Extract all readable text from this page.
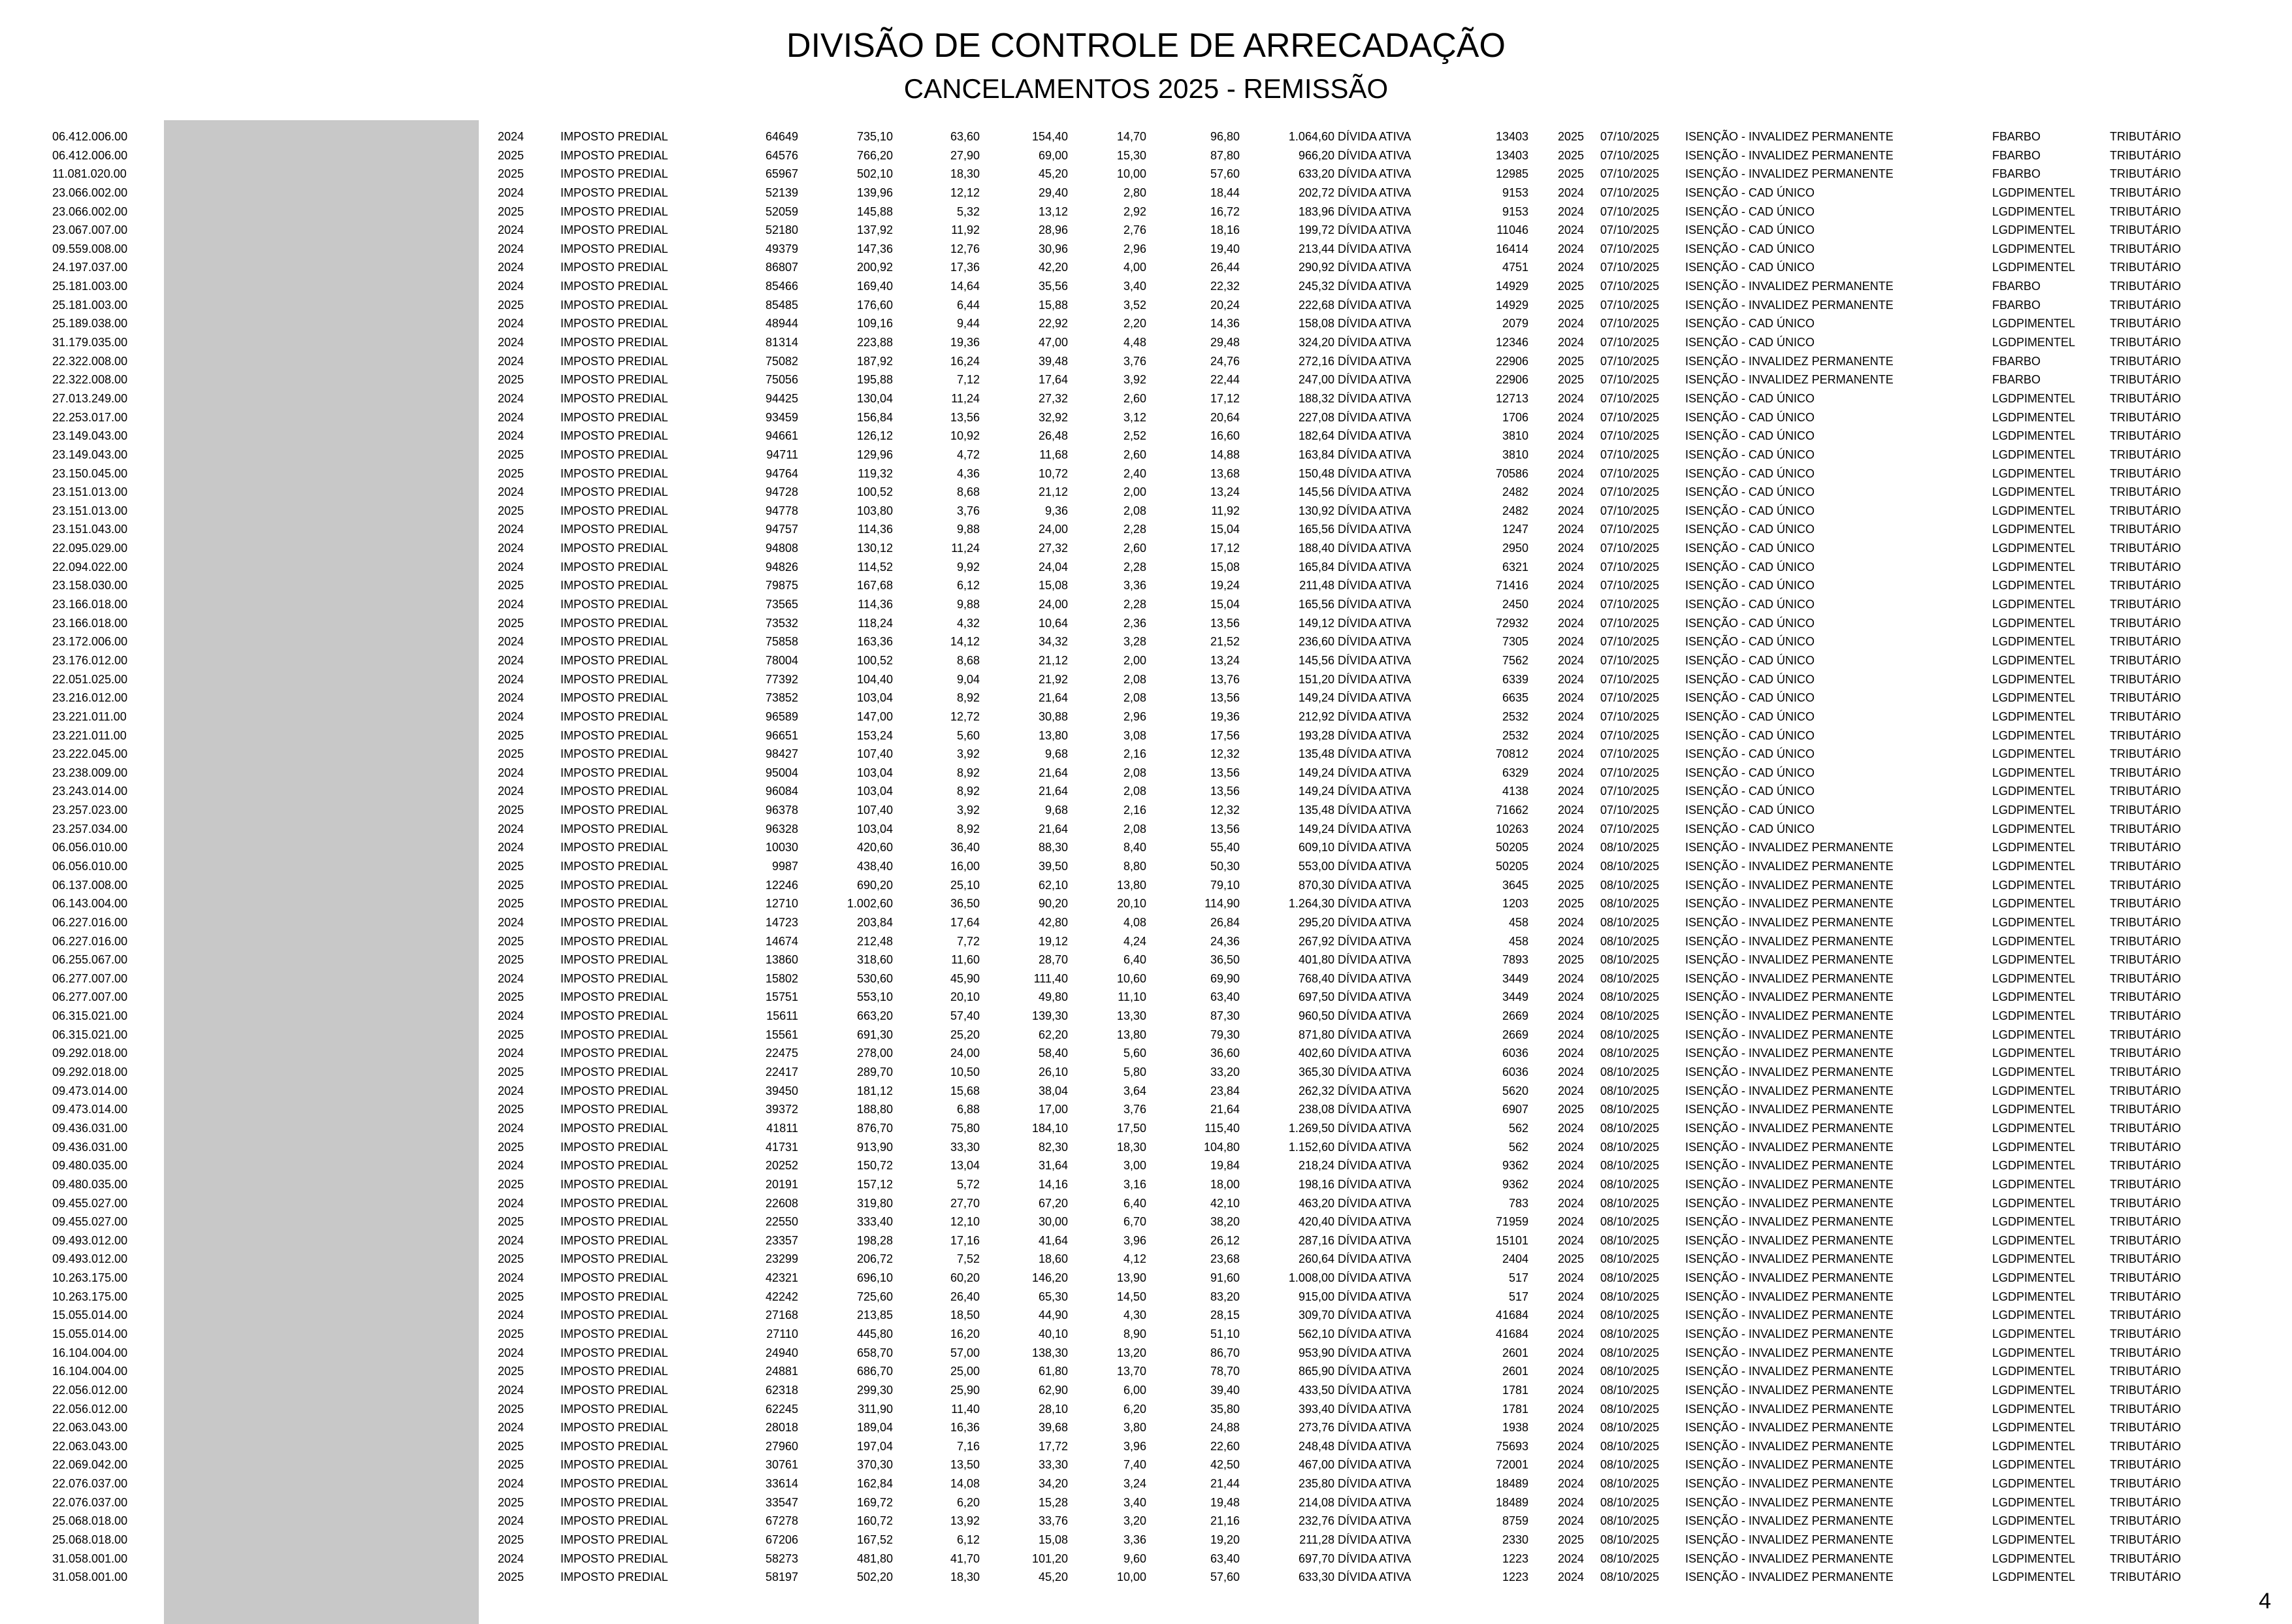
DIVISÃO DE CONTROLE DE ARRECADAÇÃO
CANCELAMENTOS 2025 - REMISSÃO
06.412.006.00	2024	IMPOSTO PREDIAL	64649	735,10	63,60	154,40	14,70	96,80	1.064,60 DÍVIDA ATIVA	13403	2025 07/10/2025 ISENÇÃO - INVALIDEZ PERMANENTE	FBARBO	TRIBUTÁRIO
06.412.006.00	2025	IMPOSTO PREDIAL	64576	766,20	27,90	69,00	15,30	87,80	966,20 DÍVIDA ATIVA	13403	2025 07/10/2025 ISENÇÃO - INVALIDEZ PERMANENTE	FBARBO	TRIBUTÁRIO
11.081.020.00	2025	IMPOSTO PREDIAL	65967	502,10	18,30	45,20	10,00	57,60	633,20 DÍVIDA ATIVA	12985	2025 07/10/2025 ISENÇÃO - INVALIDEZ PERMANENTE	FBARBO	TRIBUTÁRIO
23.066.002.00	2024	IMPOSTO PREDIAL	52139	139,96	12,12	29,40	2,80	18,44	202,72 DÍVIDA ATIVA	9153	2024 07/10/2025 ISENÇÃO - CAD ÚNICO	LGDPIMENTEL	TRIBUTÁRIO
23.066.002.00	2025	IMPOSTO PREDIAL	52059	145,88	5,32	13,12	2,92	16,72	183,96 DÍVIDA ATIVA	9153	2024 07/10/2025 ISENÇÃO - CAD ÚNICO	LGDPIMENTEL	TRIBUTÁRIO
23.067.007.00	2024	IMPOSTO PREDIAL	52180	137,92	11,92	28,96	2,76	18,16	199,72 DÍVIDA ATIVA	11046	2024 07/10/2025 ISENÇÃO - CAD ÚNICO	LGDPIMENTEL	TRIBUTÁRIO
09.559.008.00	2024	IMPOSTO PREDIAL	49379	147,36	12,76	30,96	2,96	19,40	213,44 DÍVIDA ATIVA	16414	2024 07/10/2025 ISENÇÃO - CAD ÚNICO	LGDPIMENTEL	TRIBUTÁRIO
24.197.037.00	2024	IMPOSTO PREDIAL	86807	200,92	17,36	42,20	4,00	26,44	290,92 DÍVIDA ATIVA	4751	2024 07/10/2025 ISENÇÃO - CAD ÚNICO	LGDPIMENTEL	TRIBUTÁRIO
25.181.003.00	2024	IMPOSTO PREDIAL	85466	169,40	14,64	35,56	3,40	22,32	245,32 DÍVIDA ATIVA	14929	2025 07/10/2025 ISENÇÃO - INVALIDEZ PERMANENTE	FBARBO	TRIBUTÁRIO
25.181.003.00	2025	IMPOSTO PREDIAL	85485	176,60	6,44	15,88	3,52	20,24	222,68 DÍVIDA ATIVA	14929	2025 07/10/2025 ISENÇÃO - INVALIDEZ PERMANENTE	FBARBO	TRIBUTÁRIO
25.189.038.00	2024	IMPOSTO PREDIAL	48944	109,16	9,44	22,92	2,20	14,36	158,08 DÍVIDA ATIVA	2079	2024 07/10/2025 ISENÇÃO - CAD ÚNICO	LGDPIMENTEL	TRIBUTÁRIO
31.179.035.00	2024	IMPOSTO PREDIAL	81314	223,88	19,36	47,00	4,48	29,48	324,20 DÍVIDA ATIVA	12346	2024 07/10/2025 ISENÇÃO - CAD ÚNICO	LGDPIMENTEL	TRIBUTÁRIO
22.322.008.00	2024	IMPOSTO PREDIAL	75082	187,92	16,24	39,48	3,76	24,76	272,16 DÍVIDA ATIVA	22906	2025 07/10/2025 ISENÇÃO - INVALIDEZ PERMANENTE	FBARBO	TRIBUTÁRIO
22.322.008.00	2025	IMPOSTO PREDIAL	75056	195,88	7,12	17,64	3,92	22,44	247,00 DÍVIDA ATIVA	22906	2025 07/10/2025 ISENÇÃO - INVALIDEZ PERMANENTE	FBARBO	TRIBUTÁRIO
27.013.249.00	2024	IMPOSTO PREDIAL	94425	130,04	11,24	27,32	2,60	17,12	188,32 DÍVIDA ATIVA	12713	2024 07/10/2025 ISENÇÃO - CAD ÚNICO	LGDPIMENTEL	TRIBUTÁRIO
22.253.017.00	2024	IMPOSTO PREDIAL	93459	156,84	13,56	32,92	3,12	20,64	227,08 DÍVIDA ATIVA	1706	2024 07/10/2025 ISENÇÃO - CAD ÚNICO	LGDPIMENTEL	TRIBUTÁRIO
23.149.043.00	2024	IMPOSTO PREDIAL	94661	126,12	10,92	26,48	2,52	16,60	182,64 DÍVIDA ATIVA	3810	2024 07/10/2025 ISENÇÃO - CAD ÚNICO	LGDPIMENTEL	TRIBUTÁRIO
23.149.043.00	2025	IMPOSTO PREDIAL	94711	129,96	4,72	11,68	2,60	14,88	163,84 DÍVIDA ATIVA	3810	2024 07/10/2025 ISENÇÃO - CAD ÚNICO	LGDPIMENTEL	TRIBUTÁRIO
23.150.045.00	2025	IMPOSTO PREDIAL	94764	119,32	4,36	10,72	2,40	13,68	150,48 DÍVIDA ATIVA	70586	2024 07/10/2025 ISENÇÃO - CAD ÚNICO	LGDPIMENTEL	TRIBUTÁRIO
23.151.013.00	2024	IMPOSTO PREDIAL	94728	100,52	8,68	21,12	2,00	13,24	145,56 DÍVIDA ATIVA	2482	2024 07/10/2025 ISENÇÃO - CAD ÚNICO	LGDPIMENTEL	TRIBUTÁRIO
23.151.013.00	2025	IMPOSTO PREDIAL	94778	103,80	3,76	9,36	2,08	11,92	130,92 DÍVIDA ATIVA	2482	2024 07/10/2025 ISENÇÃO - CAD ÚNICO	LGDPIMENTEL	TRIBUTÁRIO
23.151.043.00	2024	IMPOSTO PREDIAL	94757	114,36	9,88	24,00	2,28	15,04	165,56 DÍVIDA ATIVA	1247	2024 07/10/2025 ISENÇÃO - CAD ÚNICO	LGDPIMENTEL	TRIBUTÁRIO
22.095.029.00	2024	IMPOSTO PREDIAL	94808	130,12	11,24	27,32	2,60	17,12	188,40 DÍVIDA ATIVA	2950	2024 07/10/2025 ISENÇÃO - CAD ÚNICO	LGDPIMENTEL	TRIBUTÁRIO
22.094.022.00	2024	IMPOSTO PREDIAL	94826	114,52	9,92	24,04	2,28	15,08	165,84 DÍVIDA ATIVA	6321	2024 07/10/2025 ISENÇÃO - CAD ÚNICO	LGDPIMENTEL	TRIBUTÁRIO
23.158.030.00	2025	IMPOSTO PREDIAL	79875	167,68	6,12	15,08	3,36	19,24	211,48 DÍVIDA ATIVA	71416	2024 07/10/2025 ISENÇÃO - CAD ÚNICO	LGDPIMENTEL	TRIBUTÁRIO
23.166.018.00	2024	IMPOSTO PREDIAL	73565	114,36	9,88	24,00	2,28	15,04	165,56 DÍVIDA ATIVA	2450	2024 07/10/2025 ISENÇÃO - CAD ÚNICO	LGDPIMENTEL	TRIBUTÁRIO
23.166.018.00	2025	IMPOSTO PREDIAL	73532	118,24	4,32	10,64	2,36	13,56	149,12 DÍVIDA ATIVA	72932	2024 07/10/2025 ISENÇÃO - CAD ÚNICO	LGDPIMENTEL	TRIBUTÁRIO
23.172.006.00	2024	IMPOSTO PREDIAL	75858	163,36	14,12	34,32	3,28	21,52	236,60 DÍVIDA ATIVA	7305	2024 07/10/2025 ISENÇÃO - CAD ÚNICO	LGDPIMENTEL	TRIBUTÁRIO
23.176.012.00	2024	IMPOSTO PREDIAL	78004	100,52	8,68	21,12	2,00	13,24	145,56 DÍVIDA ATIVA	7562	2024 07/10/2025 ISENÇÃO - CAD ÚNICO	LGDPIMENTEL	TRIBUTÁRIO
22.051.025.00	2024	IMPOSTO PREDIAL	77392	104,40	9,04	21,92	2,08	13,76	151,20 DÍVIDA ATIVA	6339	2024 07/10/2025 ISENÇÃO - CAD ÚNICO	LGDPIMENTEL	TRIBUTÁRIO
23.216.012.00	2024	IMPOSTO PREDIAL	73852	103,04	8,92	21,64	2,08	13,56	149,24 DÍVIDA ATIVA	6635	2024 07/10/2025 ISENÇÃO - CAD ÚNICO	LGDPIMENTEL	TRIBUTÁRIO
23.221.011.00	2024	IMPOSTO PREDIAL	96589	147,00	12,72	30,88	2,96	19,36	212,92 DÍVIDA ATIVA	2532	2024 07/10/2025 ISENÇÃO - CAD ÚNICO	LGDPIMENTEL	TRIBUTÁRIO
23.221.011.00	2025	IMPOSTO PREDIAL	96651	153,24	5,60	13,80	3,08	17,56	193,28 DÍVIDA ATIVA	2532	2024 07/10/2025 ISENÇÃO - CAD ÚNICO	LGDPIMENTEL	TRIBUTÁRIO
23.222.045.00	2025	IMPOSTO PREDIAL	98427	107,40	3,92	9,68	2,16	12,32	135,48 DÍVIDA ATIVA	70812	2024 07/10/2025 ISENÇÃO - CAD ÚNICO	LGDPIMENTEL	TRIBUTÁRIO
23.238.009.00	2024	IMPOSTO PREDIAL	95004	103,04	8,92	21,64	2,08	13,56	149,24 DÍVIDA ATIVA	6329	2024 07/10/2025 ISENÇÃO - CAD ÚNICO	LGDPIMENTEL	TRIBUTÁRIO
23.243.014.00	2024	IMPOSTO PREDIAL	96084	103,04	8,92	21,64	2,08	13,56	149,24 DÍVIDA ATIVA	4138	2024 07/10/2025 ISENÇÃO - CAD ÚNICO	LGDPIMENTEL	TRIBUTÁRIO
23.257.023.00	2025	IMPOSTO PREDIAL	96378	107,40	3,92	9,68	2,16	12,32	135,48 DÍVIDA ATIVA	71662	2024 07/10/2025 ISENÇÃO - CAD ÚNICO	LGDPIMENTEL	TRIBUTÁRIO
23.257.034.00	2024	IMPOSTO PREDIAL	96328	103,04	8,92	21,64	2,08	13,56	149,24 DÍVIDA ATIVA	10263	2024 07/10/2025 ISENÇÃO - CAD ÚNICO	LGDPIMENTEL	TRIBUTÁRIO
06.056.010.00	2024	IMPOSTO PREDIAL	10030	420,60	36,40	88,30	8,40	55,40	609,10 DÍVIDA ATIVA	50205	2024 08/10/2025 ISENÇÃO - INVALIDEZ PERMANENTE	LGDPIMENTEL	TRIBUTÁRIO
06.056.010.00	2025	IMPOSTO PREDIAL	9987	438,40	16,00	39,50	8,80	50,30	553,00 DÍVIDA ATIVA	50205	2024 08/10/2025 ISENÇÃO - INVALIDEZ PERMANENTE	LGDPIMENTEL	TRIBUTÁRIO
06.137.008.00	2025	IMPOSTO PREDIAL	12246	690,20	25,10	62,10	13,80	79,10	870,30 DÍVIDA ATIVA	3645	2025 08/10/2025 ISENÇÃO - INVALIDEZ PERMANENTE	LGDPIMENTEL	TRIBUTÁRIO
06.143.004.00	2025	IMPOSTO PREDIAL	12710	1.002,60	36,50	90,20	20,10	114,90	1.264,30 DÍVIDA ATIVA	1203	2025 08/10/2025 ISENÇÃO - INVALIDEZ PERMANENTE	LGDPIMENTEL	TRIBUTÁRIO
06.227.016.00	2024	IMPOSTO PREDIAL	14723	203,84	17,64	42,80	4,08	26,84	295,20 DÍVIDA ATIVA	458	2024 08/10/2025 ISENÇÃO - INVALIDEZ PERMANENTE	LGDPIMENTEL	TRIBUTÁRIO
06.227.016.00	2025	IMPOSTO PREDIAL	14674	212,48	7,72	19,12	4,24	24,36	267,92 DÍVIDA ATIVA	458	2024 08/10/2025 ISENÇÃO - INVALIDEZ PERMANENTE	LGDPIMENTEL	TRIBUTÁRIO
06.255.067.00	2025	IMPOSTO PREDIAL	13860	318,60	11,60	28,70	6,40	36,50	401,80 DÍVIDA ATIVA	7893	2025 08/10/2025 ISENÇÃO - INVALIDEZ PERMANENTE	LGDPIMENTEL	TRIBUTÁRIO
06.277.007.00	2024	IMPOSTO PREDIAL	15802	530,60	45,90	111,40	10,60	69,90	768,40 DÍVIDA ATIVA	3449	2024 08/10/2025 ISENÇÃO - INVALIDEZ PERMANENTE	LGDPIMENTEL	TRIBUTÁRIO
06.277.007.00	2025	IMPOSTO PREDIAL	15751	553,10	20,10	49,80	11,10	63,40	697,50 DÍVIDA ATIVA	3449	2024 08/10/2025 ISENÇÃO - INVALIDEZ PERMANENTE	LGDPIMENTEL	TRIBUTÁRIO
06.315.021.00	2024	IMPOSTO PREDIAL	15611	663,20	57,40	139,30	13,30	87,30	960,50 DÍVIDA ATIVA	2669	2024 08/10/2025 ISENÇÃO - INVALIDEZ PERMANENTE	LGDPIMENTEL	TRIBUTÁRIO
06.315.021.00	2025	IMPOSTO PREDIAL	15561	691,30	25,20	62,20	13,80	79,30	871,80 DÍVIDA ATIVA	2669	2024 08/10/2025 ISENÇÃO - INVALIDEZ PERMANENTE	LGDPIMENTEL	TRIBUTÁRIO
09.292.018.00	2024	IMPOSTO PREDIAL	22475	278,00	24,00	58,40	5,60	36,60	402,60 DÍVIDA ATIVA	6036	2024 08/10/2025 ISENÇÃO - INVALIDEZ PERMANENTE	LGDPIMENTEL	TRIBUTÁRIO
09.292.018.00	2025	IMPOSTO PREDIAL	22417	289,70	10,50	26,10	5,80	33,20	365,30 DÍVIDA ATIVA	6036	2024 08/10/2025 ISENÇÃO - INVALIDEZ PERMANENTE	LGDPIMENTEL	TRIBUTÁRIO
09.473.014.00	2024	IMPOSTO PREDIAL	39450	181,12	15,68	38,04	3,64	23,84	262,32 DÍVIDA ATIVA	5620	2024 08/10/2025 ISENÇÃO - INVALIDEZ PERMANENTE	LGDPIMENTEL	TRIBUTÁRIO
09.473.014.00	2025	IMPOSTO PREDIAL	39372	188,80	6,88	17,00	3,76	21,64	238,08 DÍVIDA ATIVA	6907	2025 08/10/2025 ISENÇÃO - INVALIDEZ PERMANENTE	LGDPIMENTEL	TRIBUTÁRIO
09.436.031.00	2024	IMPOSTO PREDIAL	41811	876,70	75,80	184,10	17,50	115,40	1.269,50 DÍVIDA ATIVA	562	2024 08/10/2025 ISENÇÃO - INVALIDEZ PERMANENTE	LGDPIMENTEL	TRIBUTÁRIO
09.436.031.00	2025	IMPOSTO PREDIAL	41731	913,90	33,30	82,30	18,30	104,80	1.152,60 DÍVIDA ATIVA	562	2024 08/10/2025 ISENÇÃO - INVALIDEZ PERMANENTE	LGDPIMENTEL	TRIBUTÁRIO
09.480.035.00	2024	IMPOSTO PREDIAL	20252	150,72	13,04	31,64	3,00	19,84	218,24 DÍVIDA ATIVA	9362	2024 08/10/2025 ISENÇÃO - INVALIDEZ PERMANENTE	LGDPIMENTEL	TRIBUTÁRIO
09.480.035.00	2025	IMPOSTO PREDIAL	20191	157,12	5,72	14,16	3,16	18,00	198,16 DÍVIDA ATIVA	9362	2024 08/10/2025 ISENÇÃO - INVALIDEZ PERMANENTE	LGDPIMENTEL	TRIBUTÁRIO
09.455.027.00	2024	IMPOSTO PREDIAL	22608	319,80	27,70	67,20	6,40	42,10	463,20 DÍVIDA ATIVA	783	2024 08/10/2025 ISENÇÃO - INVALIDEZ PERMANENTE	LGDPIMENTEL	TRIBUTÁRIO
09.455.027.00	2025	IMPOSTO PREDIAL	22550	333,40	12,10	30,00	6,70	38,20	420,40 DÍVIDA ATIVA	71959	2024 08/10/2025 ISENÇÃO - INVALIDEZ PERMANENTE	LGDPIMENTEL	TRIBUTÁRIO
09.493.012.00	2024	IMPOSTO PREDIAL	23357	198,28	17,16	41,64	3,96	26,12	287,16 DÍVIDA ATIVA	15101	2024 08/10/2025 ISENÇÃO - INVALIDEZ PERMANENTE	LGDPIMENTEL	TRIBUTÁRIO
09.493.012.00	2025	IMPOSTO PREDIAL	23299	206,72	7,52	18,60	4,12	23,68	260,64 DÍVIDA ATIVA	2404	2025 08/10/2025 ISENÇÃO - INVALIDEZ PERMANENTE	LGDPIMENTEL	TRIBUTÁRIO
10.263.175.00	2024	IMPOSTO PREDIAL	42321	696,10	60,20	146,20	13,90	91,60	1.008,00 DÍVIDA ATIVA	517	2024 08/10/2025 ISENÇÃO - INVALIDEZ PERMANENTE	LGDPIMENTEL	TRIBUTÁRIO
10.263.175.00	2025	IMPOSTO PREDIAL	42242	725,60	26,40	65,30	14,50	83,20	915,00 DÍVIDA ATIVA	517	2024 08/10/2025 ISENÇÃO - INVALIDEZ PERMANENTE	LGDPIMENTEL	TRIBUTÁRIO
15.055.014.00	2024	IMPOSTO PREDIAL	27168	213,85	18,50	44,90	4,30	28,15	309,70 DÍVIDA ATIVA	41684	2024 08/10/2025 ISENÇÃO - INVALIDEZ PERMANENTE	LGDPIMENTEL	TRIBUTÁRIO
15.055.014.00	2025	IMPOSTO PREDIAL	27110	445,80	16,20	40,10	8,90	51,10	562,10 DÍVIDA ATIVA	41684	2024 08/10/2025 ISENÇÃO - INVALIDEZ PERMANENTE	LGDPIMENTEL	TRIBUTÁRIO
16.104.004.00	2024	IMPOSTO PREDIAL	24940	658,70	57,00	138,30	13,20	86,70	953,90 DÍVIDA ATIVA	2601	2024 08/10/2025 ISENÇÃO - INVALIDEZ PERMANENTE	LGDPIMENTEL	TRIBUTÁRIO
16.104.004.00	2025	IMPOSTO PREDIAL	24881	686,70	25,00	61,80	13,70	78,70	865,90 DÍVIDA ATIVA	2601	2024 08/10/2025 ISENÇÃO - INVALIDEZ PERMANENTE	LGDPIMENTEL	TRIBUTÁRIO
22.056.012.00	2024	IMPOSTO PREDIAL	62318	299,30	25,90	62,90	6,00	39,40	433,50 DÍVIDA ATIVA	1781	2024 08/10/2025 ISENÇÃO - INVALIDEZ PERMANENTE	LGDPIMENTEL	TRIBUTÁRIO
22.056.012.00	2025	IMPOSTO PREDIAL	62245	311,90	11,40	28,10	6,20	35,80	393,40 DÍVIDA ATIVA	1781	2024 08/10/2025 ISENÇÃO - INVALIDEZ PERMANENTE	LGDPIMENTEL	TRIBUTÁRIO
22.063.043.00	2024	IMPOSTO PREDIAL	28018	189,04	16,36	39,68	3,80	24,88	273,76 DÍVIDA ATIVA	1938	2024 08/10/2025 ISENÇÃO - INVALIDEZ PERMANENTE	LGDPIMENTEL	TRIBUTÁRIO
22.063.043.00	2025	IMPOSTO PREDIAL	27960	197,04	7,16	17,72	3,96	22,60	248,48 DÍVIDA ATIVA	75693	2024 08/10/2025 ISENÇÃO - INVALIDEZ PERMANENTE	LGDPIMENTEL	TRIBUTÁRIO
22.069.042.00	2025	IMPOSTO PREDIAL	30761	370,30	13,50	33,30	7,40	42,50	467,00 DÍVIDA ATIVA	72001	2024 08/10/2025 ISENÇÃO - INVALIDEZ PERMANENTE	LGDPIMENTEL	TRIBUTÁRIO
22.076.037.00	2024	IMPOSTO PREDIAL	33614	162,84	14,08	34,20	3,24	21,44	235,80 DÍVIDA ATIVA	18489	2024 08/10/2025 ISENÇÃO - INVALIDEZ PERMANENTE	LGDPIMENTEL	TRIBUTÁRIO
22.076.037.00	2025	IMPOSTO PREDIAL	33547	169,72	6,20	15,28	3,40	19,48	214,08 DÍVIDA ATIVA	18489	2024 08/10/2025 ISENÇÃO - INVALIDEZ PERMANENTE	LGDPIMENTEL	TRIBUTÁRIO
25.068.018.00	2024	IMPOSTO PREDIAL	67278	160,72	13,92	33,76	3,20	21,16	232,76 DÍVIDA ATIVA	8759	2024 08/10/2025 ISENÇÃO - INVALIDEZ PERMANENTE	LGDPIMENTEL	TRIBUTÁRIO
25.068.018.00	2025	IMPOSTO PREDIAL	67206	167,52	6,12	15,08	3,36	19,20	211,28 DÍVIDA ATIVA	2330	2025 08/10/2025 ISENÇÃO - INVALIDEZ PERMANENTE	LGDPIMENTEL	TRIBUTÁRIO
31.058.001.00	2024	IMPOSTO PREDIAL	58273	481,80	41,70	101,20	9,60	63,40	697,70 DÍVIDA ATIVA	1223	2024 08/10/2025 ISENÇÃO - INVALIDEZ PERMANENTE	LGDPIMENTEL	TRIBUTÁRIO
31.058.001.00	2025	IMPOSTO PREDIAL	58197	502,20	18,30	45,20	10,00	57,60	633,30 DÍVIDA ATIVA	1223	2024 08/10/2025 ISENÇÃO - INVALIDEZ PERMANENTE	LGDPIMENTEL	TRIBUTÁRIO
4
